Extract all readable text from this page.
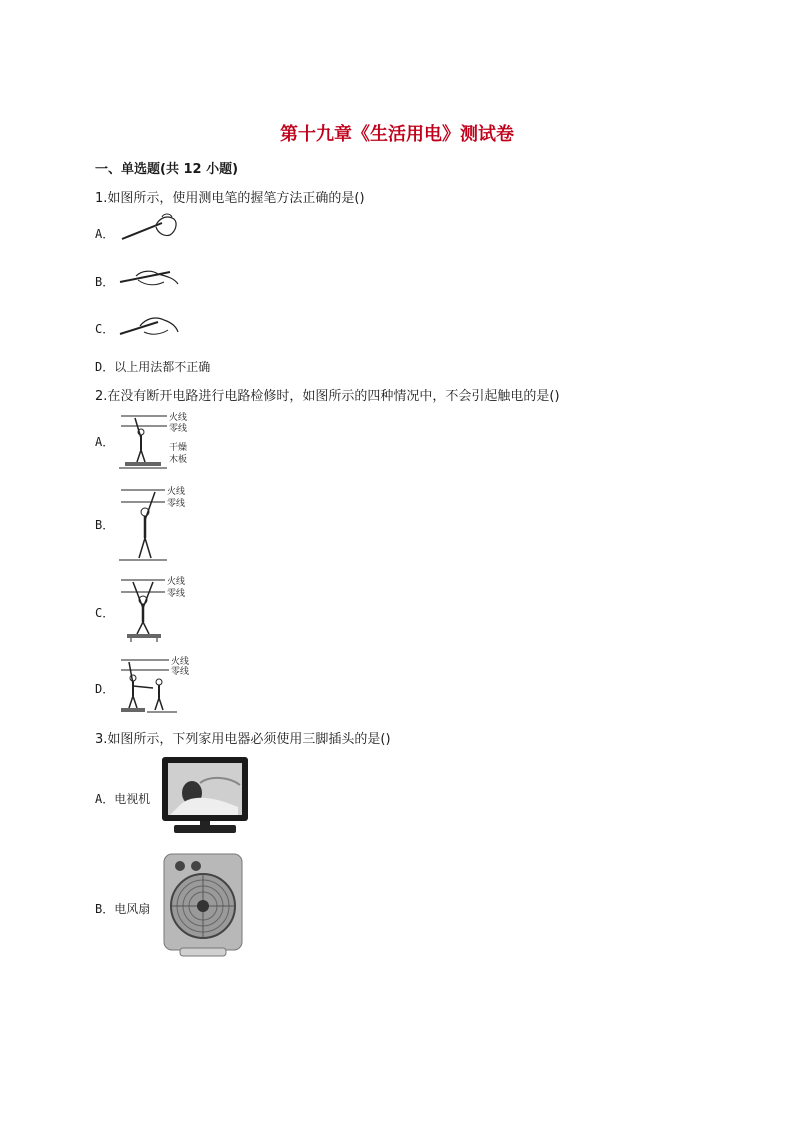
第十九章《生活用电》测试卷
一、单选题(共 12 小题)
1.如图所示，使用测电笔的握笔方法正确的是()
A．
B．
C．
D．以上用法都不正确
2.在没有断开电路进行电路检修时，如图所示的四种情况中，不会引起触电的是()
A．
火线
零线
干燥
木板
B．
火线
零线
C．
火线
零线
D．
火线
零线
3.如图所示，下列家用电器必须使用三脚插头的是()
A．电视机
B．电风扇
